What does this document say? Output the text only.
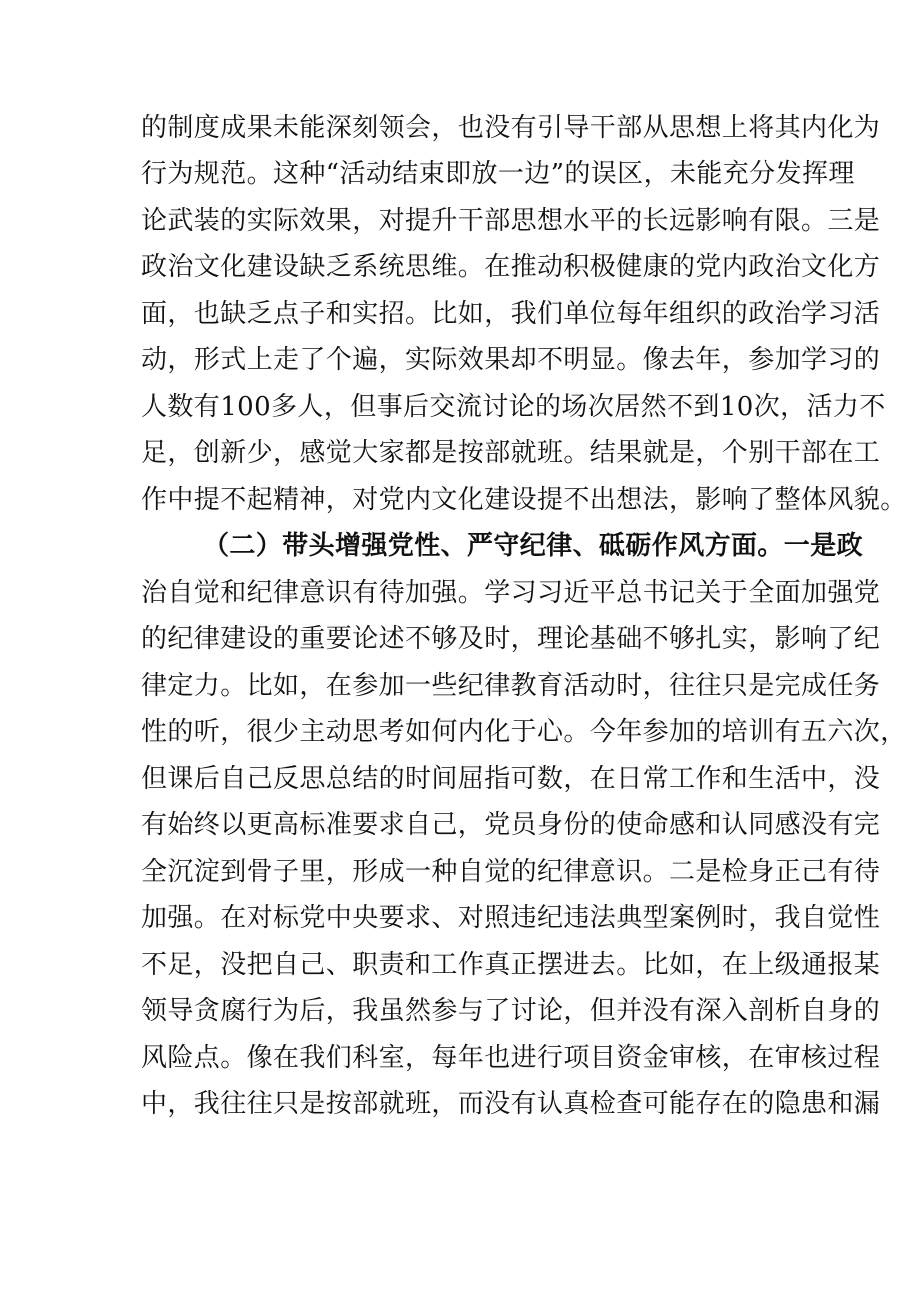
的制度成果未能深刻领会，也没有引导干部从思想上将其内化为
行为规范。这种“活动结束即放一边”的误区，未能充分发挥理
论武装的实际效果，对提升干部思想水平的长远影响有限。三是
政治文化建设缺乏系统思维。在推动积极健康的党内政治文化方
面，也缺乏点子和实招。比如，我们单位每年组织的政治学习活
动，形式上走了个遍，实际效果却不明显。像去年，参加学习的
人数有100多人，但事后交流讨论的场次居然不到10次，活力不
足，创新少，感觉大家都是按部就班。结果就是，个别干部在工
作中提不起精神，对党内文化建设提不出想法，影响了整体风貌。
（二）带头增强党性、严守纪律、砥砺作风方面。一是政
治自觉和纪律意识有待加强。学习习近平总书记关于全面加强党
的纪律建设的重要论述不够及时，理论基础不够扎实，影响了纪
律定力。比如，在参加一些纪律教育活动时，往往只是完成任务
性的听，很少主动思考如何内化于心。今年参加的培训有五六次，
但课后自己反思总结的时间屈指可数，在日常工作和生活中，没
有始终以更高标准要求自己，党员身份的使命感和认同感没有完
全沉淀到骨子里，形成一种自觉的纪律意识。二是检身正己有待
加强。在对标党中央要求、对照违纪违法典型案例时，我自觉性
不足，没把自己、职责和工作真正摆进去。比如，在上级通报某
领导贪腐行为后，我虽然参与了讨论，但并没有深入剖析自身的
风险点。像在我们科室，每年也进行项目资金审核，在审核过程
中，我往往只是按部就班，而没有认真检查可能存在的隐患和漏
